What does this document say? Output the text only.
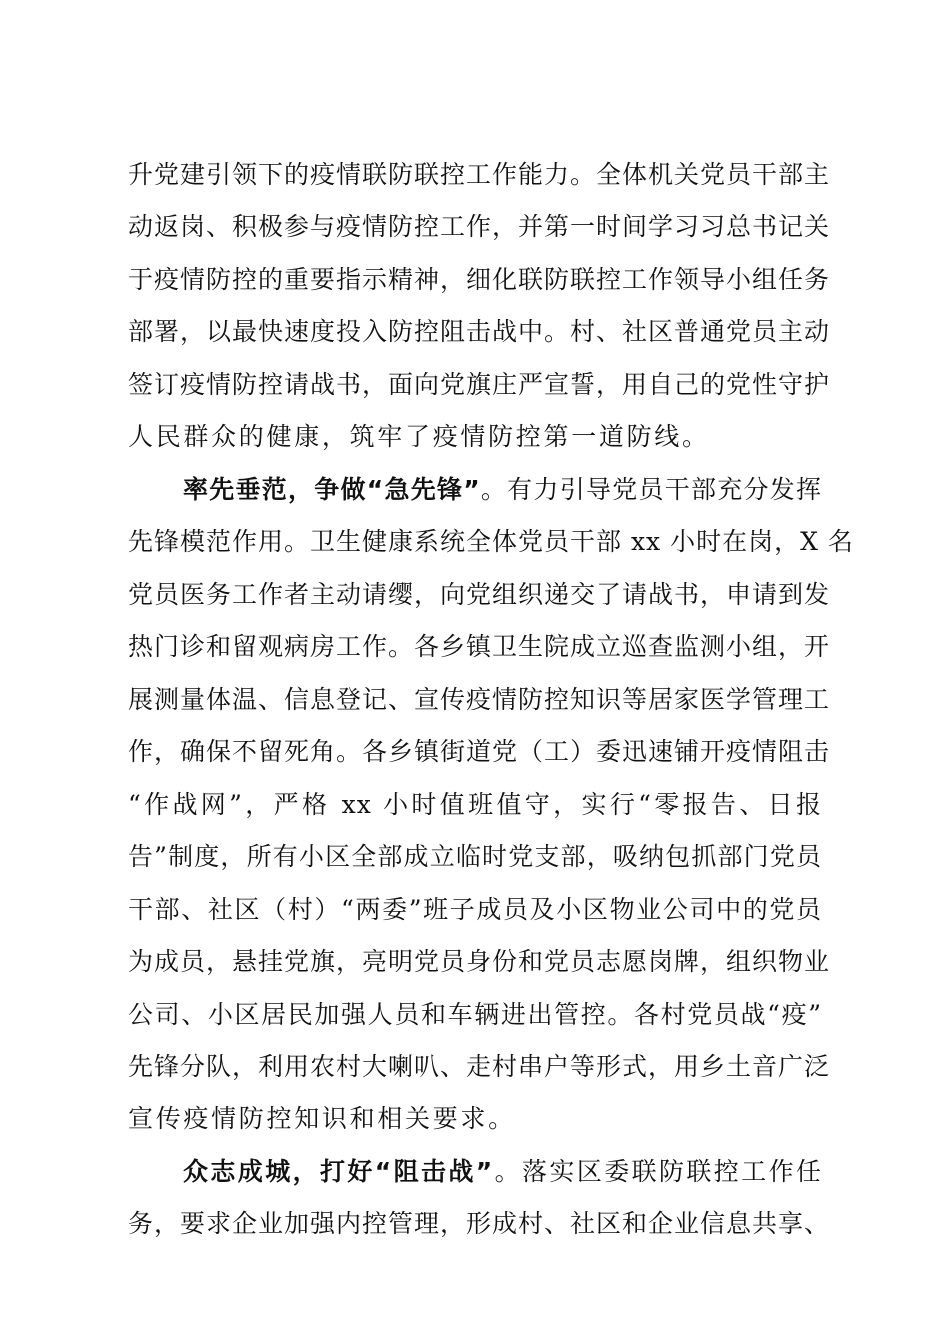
升党建引领下的疫情联防联控工作能力。全体机关党员干部主
动返岗、积极参与疫情防控工作，并第一时间学习习总书记关
于疫情防控的重要指示精神，细化联防联控工作领导小组任务
部署，以最快速度投入防控阻击战中。村、社区普通党员主动
签订疫情防控请战书，面向党旗庄严宣誓，用自己的党性守护
人民群众的健康，筑牢了疫情防控第一道防线。
率先垂范，争做“急先锋”。有力引导党员干部充分发挥
先锋模范作用。卫生健康系统全体党员干部 xx 小时在岗，X 名
党员医务工作者主动请缨，向党组织递交了请战书，申请到发
热门诊和留观病房工作。各乡镇卫生院成立巡查监测小组，开
展测量体温、信息登记、宣传疫情防控知识等居家医学管理工
作，确保不留死角。各乡镇街道党（工）委迅速铺开疫情阻击
“作战网”，严格 xx 小时值班值守，实行“零报告、日报
告”制度，所有小区全部成立临时党支部，吸纳包抓部门党员
干部、社区（村）“两委”班子成员及小区物业公司中的党员
为成员，悬挂党旗，亮明党员身份和党员志愿岗牌，组织物业
公司、小区居民加强人员和车辆进出管控。各村党员战“疫”
先锋分队，利用农村大喇叭、走村串户等形式，用乡土音广泛
宣传疫情防控知识和相关要求。
众志成城，打好“阻击战”。落实区委联防联控工作任
务，要求企业加强内控管理，形成村、社区和企业信息共享、
